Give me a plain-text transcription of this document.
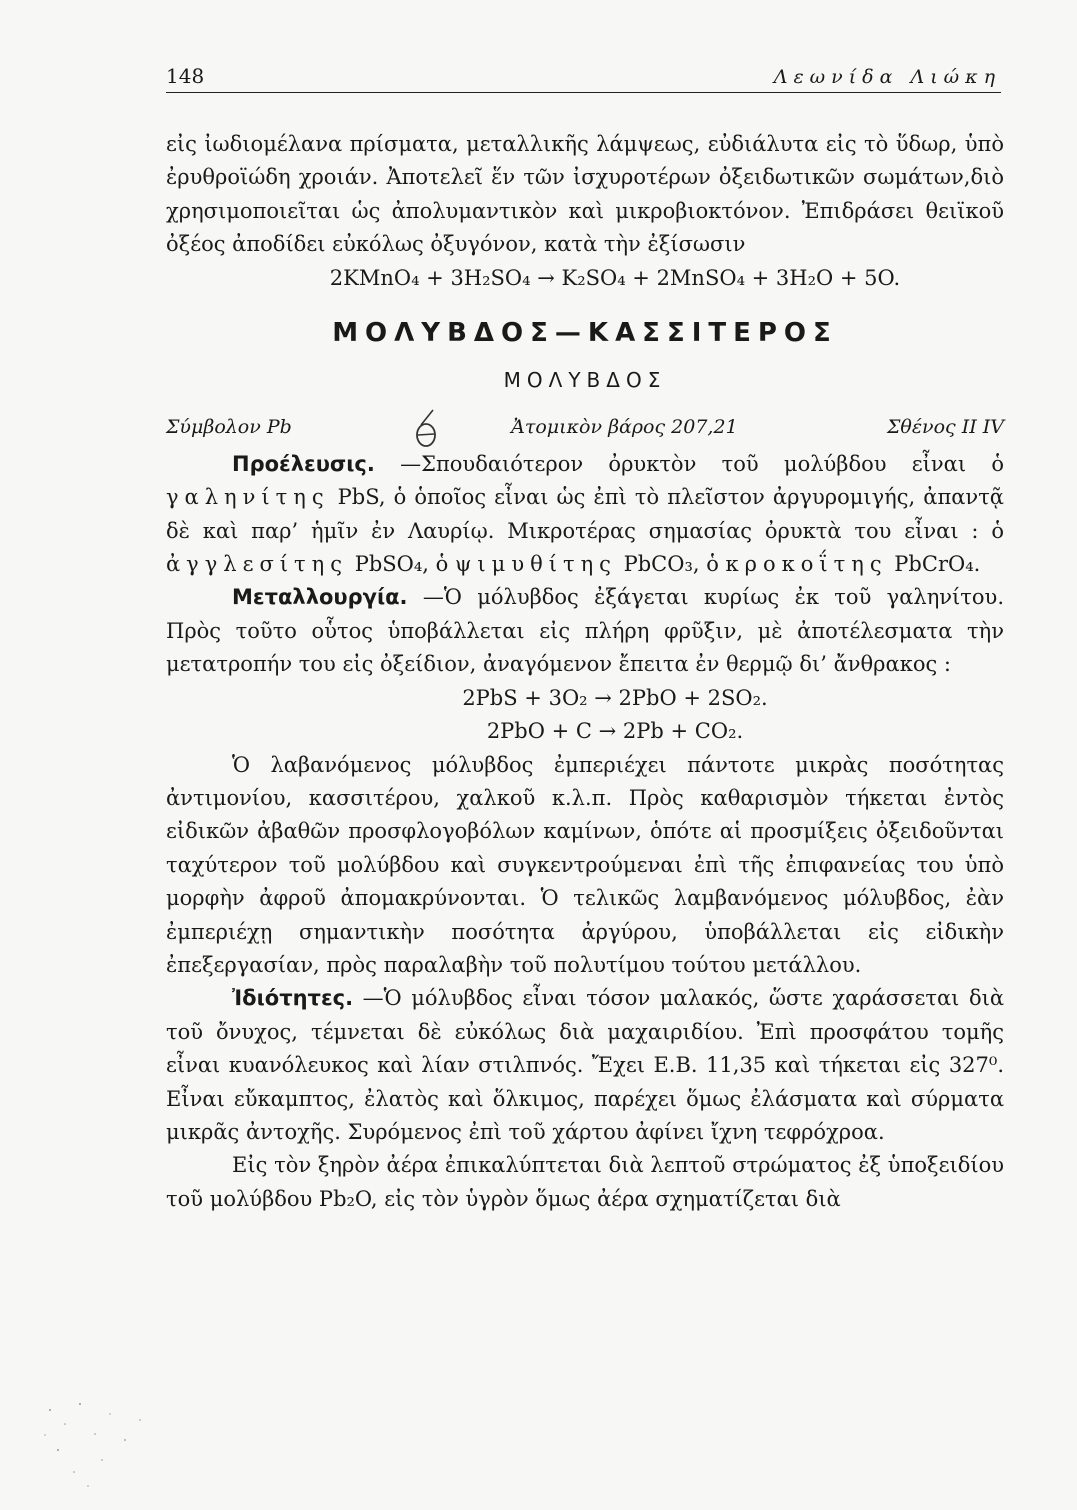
148	Λεωνίδα Λιώκη

εἰς ἰωδιομέλανα πρίσματα, μεταλλικῆς λάμψεως, εὐδιάλυτα εἰς τὸ ὕδωρ, ὑπὸ ἐρυθροϊώδη χροιάν. Ἀποτελεῖ ἕν τῶν ἰσχυροτέρων ὀξειδωτικῶν σωμάτων,διὸ χρησιμοποιεῖται ὡς ἀπολυμαντικὸν καὶ μικροβιοκτόνον. Ἐπιδράσει θειϊκοῦ ὀξέος ἀποδίδει εὐκόλως ὀξυγόνον, κατὰ τὴν ἐξίσωσιν

2KMnO₄ + 3H₂SO₄ → K₂SO₄ + 2MnSO₄ + 3H₂O + 5O.

ΜΟΛΥΒΔΟΣ—ΚΑΣΣΙΤΕΡΟΣ
ΜΟΛΥΒΔΟΣ
Σύμβολον Pb	Ἀτομικὸν βάρος 207,21	Σθένος II IV

Προέλευσις. —Σπουδαιότερον ὀρυκτὸν τοῦ μολύβδου εἶναι ὁ γαληνίτης PbS, ὁ ὁποῖος εἶναι ὡς ἐπὶ τὸ πλεῖστον ἀργυρομιγής, ἀπαντᾷ δὲ καὶ παρ’ ἡμῖν ἐν Λαυρίῳ. Μικροτέρας σημασίας ὀρυκτὰ του εἶναι : ὁ ἀγγλεσίτης PbSO₄, ὁ ψιμυθίτης PbCO₃, ὁ κροκοΐτης PbCrO₄.

Μεταλλουργία. —Ὁ μόλυβδος ἐξάγεται κυρίως ἐκ τοῦ γαληνίτου. Πρὸς τοῦτο οὗτος ὑποβάλλεται εἰς πλήρη φρῦξιν, μὲ ἀποτέλεσματα τὴν μετατροπήν του εἰς ὀξείδιον, ἀναγόμενον ἔπειτα ἐν θερμῷ δι’ ἄνθρακος :

2PbS + 3O₂ → 2PbO + 2SO₂.

2PbO + C → 2Pb + CO₂.

Ὁ λαβανόμενος μόλυβδος ἐμπεριέχει πάντοτε μικρὰς ποσότητας ἀντιμονίου, κασσιτέρου, χαλκοῦ κ.λ.π. Πρὸς καθαρισμὸν τήκεται ἐντὸς εἰδικῶν ἀβαθῶν προσφλογοβόλων καμίνων, ὁπότε αἱ προσμίξεις ὀξειδοῦνται ταχύτερον τοῦ μολύβδου καὶ συγκεντρούμεναι ἐπὶ τῆς ἐπιφανείας του ὑπὸ μορφὴν ἀφροῦ ἀπομακρύνονται. Ὁ τελικῶς λαμβανόμενος μόλυβδος, ἐὰν ἐμπεριέχῃ σημαντικὴν ποσότητα ἀργύρου, ὑποβάλλεται εἰς εἰδικὴν ἐπεξεργασίαν, πρὸς παραλαβὴν τοῦ πολυτίμου τούτου μετάλλου.

Ἰδιότητες. —Ὁ μόλυβδος εἶναι τόσον μαλακός, ὥστε χαράσσεται διὰ τοῦ ὄνυχος, τέμνεται δὲ εὐκόλως διὰ μαχαιριδίου. Ἐπὶ προσφάτου τομῆς εἶναι κυανόλευκος καὶ λίαν στιλπνός. Ἔχει Ε.Β. 11,35 καὶ τήκεται εἰς 327⁰. Εἶναι εὔκαμπτος, ἐλατὸς καὶ ὅλκιμος, παρέχει ὅμως ἐλάσματα καὶ σύρματα μικρᾶς ἀντοχῆς. Συρόμενος ἐπὶ τοῦ χάρτου ἀφίνει ἴχνη τεφρόχροα.

Εἰς τὸν ξηρὸν ἀέρα ἐπικαλύπτεται διὰ λεπτοῦ στρώματος ἐξ ὑποξειδίου τοῦ μολύβδου Pb₂O, εἰς τὸν ὑγρὸν ὅμως ἀέρα σχηματίζεται διὰ
